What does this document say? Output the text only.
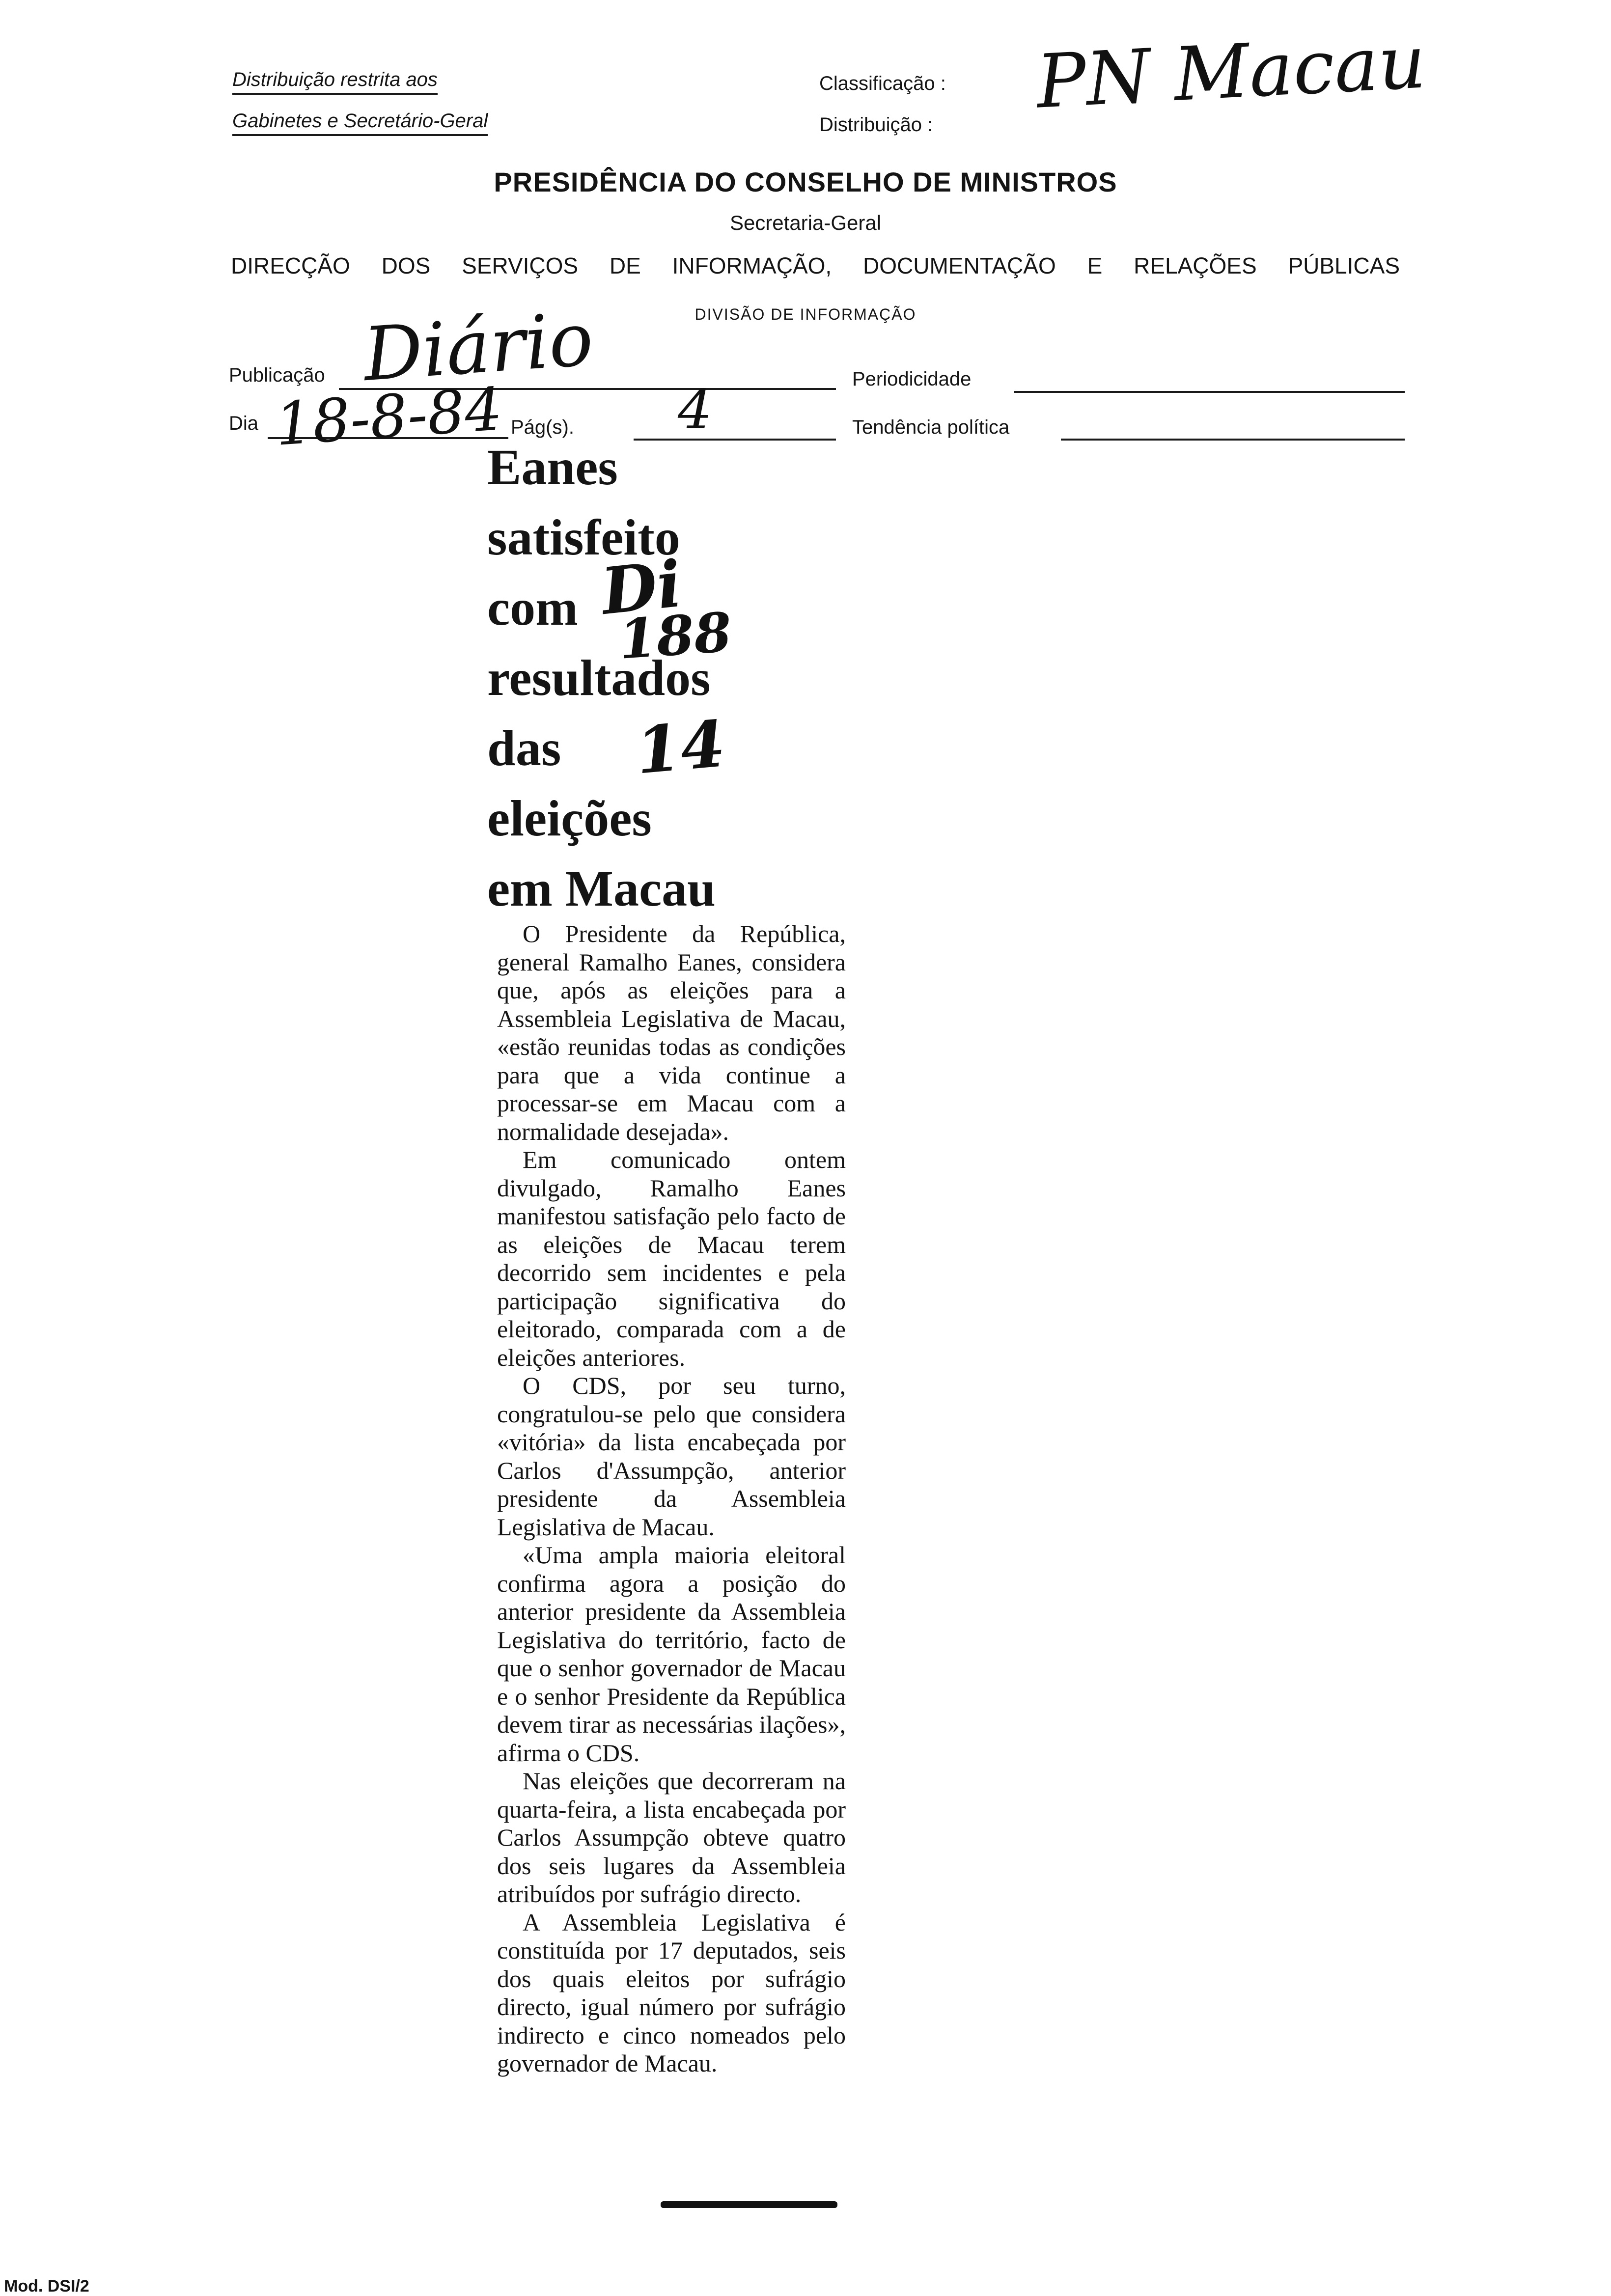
Distribuição restrita aos
Gabinetes e Secretário-Geral
Classificação :
Distribuição : PN Macau
PRESIDÊNCIA DO CONSELHO DE MINISTROS
Secretaria-Geral
DIRECÇÃO DOS SERVIÇOS DE INFORMAÇÃO, DOCUMENTAÇÃO E RELAÇÕES PÚBLICAS
DIVISÃO DE INFORMAÇÃO
Publicação Diário	Periodicidade
Dia 18-8-84 Pág(s). 4	Tendência política
Eanes
satisfeito
com
resultados
das
eleições
em Macau
Di
188
14

O Presidente da República, general Ramalho Eanes, considera que, após as eleições para a Assembleia Legislativa de Macau, «estão reunidas todas as condições para que a vida continue a processar-se em Macau com a normalidade desejada».

Em comunicado ontem divulgado, Ramalho Eanes manifestou satisfação pelo facto de as eleições de Macau terem decorrido sem incidentes e pela participação significativa do eleitorado, comparada com a de eleições anteriores.

O CDS, por seu turno, congratulou-se pelo que considera «vitória» da lista encabeçada por Carlos d'Assumpção, anterior presidente da Assembleia Legislativa de Macau.

«Uma ampla maioria eleitoral confirma agora a posição do anterior presidente da Assembleia Legislativa do território, facto de que o senhor governador de Macau e o senhor Presidente da República devem tirar as necessárias ilações», afirma o CDS.

Nas eleições que decorreram na quarta-feira, a lista encabeçada por Carlos Assumpção obteve quatro dos seis lugares da Assembleia atribuídos por sufrágio directo.

A Assembleia Legislativa é constituída por 17 deputados, seis dos quais eleitos por sufrágio directo, igual número por sufrágio indirecto e cinco nomeados pelo governador de Macau.

Mod. DSI/2
